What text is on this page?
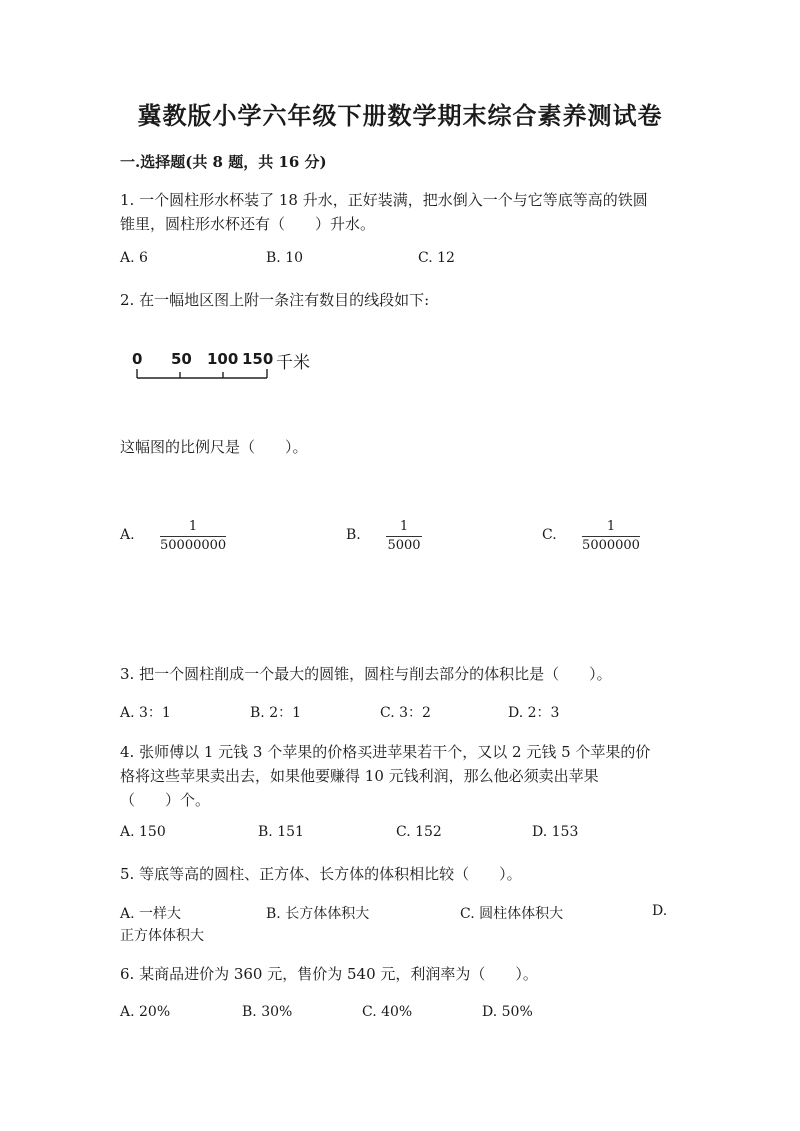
冀教版小学六年级下册数学期末综合素养测试卷
一.选择题(共 8 题，共 16 分)
1. 一个圆柱形水杯装了 18 升水，正好装满，把水倒入一个与它等底等高的铁圆
锥里，圆柱形水杯还有（　　）升水。
A. 6	B. 10	C. 12
2. 在一幅地区图上附一条注有数目的线段如下:
0 50 100 150 千米
这幅图的比例尺是（　　）。
A.
1
50000000
B.
1
5000
C.
1
5000000
3. 把一个圆柱削成一个最大的圆锥，圆柱与削去部分的体积比是（　　）。
A. 3：1	B. 2：1	C. 3：2	D. 2：3
4. 张师傅以 1 元钱 3 个苹果的价格买进苹果若干个，又以 2 元钱 5 个苹果的价
格将这些苹果卖出去，如果他要赚得 10 元钱利润，那么他必须卖出苹果
（　　）个。
A. 150	B. 151	C. 152	D. 153
5. 等底等高的圆柱、正方体、长方体的体积相比较（　　）。
A. 一样大	B. 长方体体积大	C. 圆柱体体积大	D.
正方体体积大
6. 某商品进价为 360 元，售价为 540 元，利润率为（　　）。
A. 20%	B. 30%	C. 40%	D. 50%
